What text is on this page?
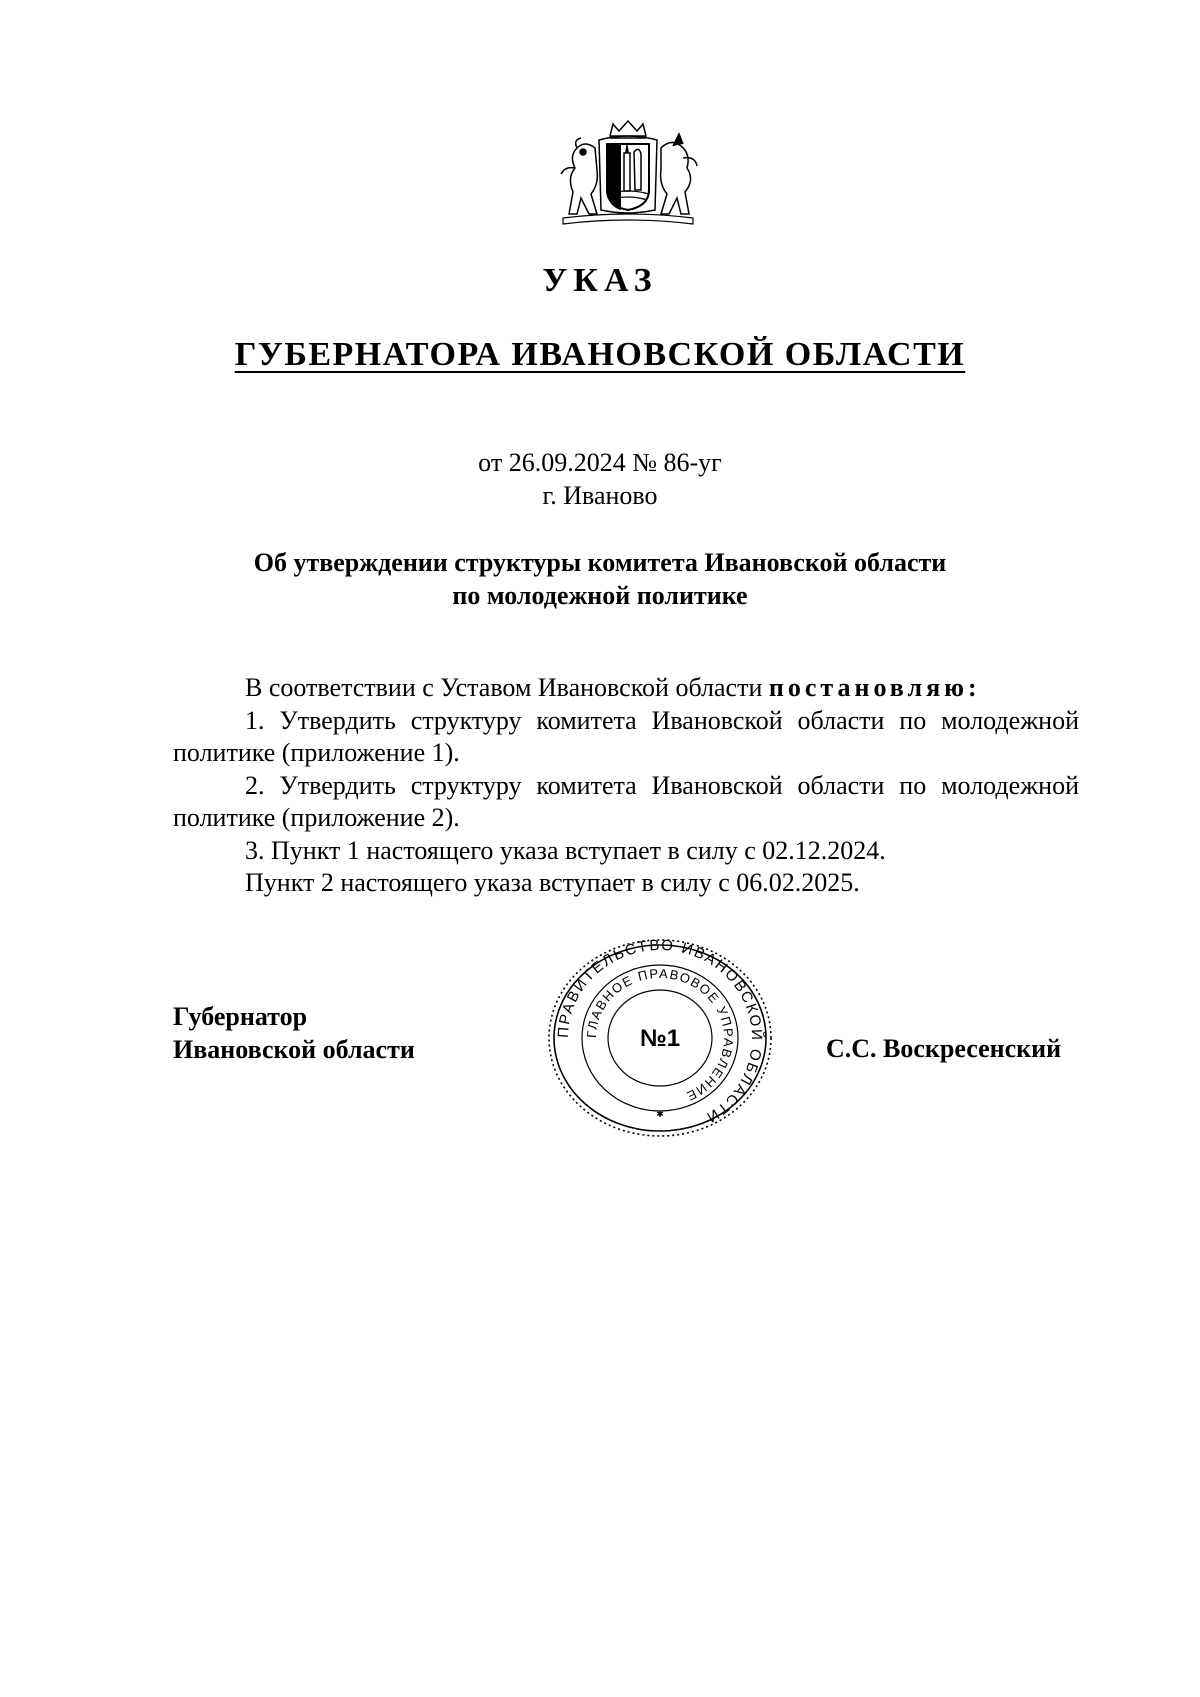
УКАЗ
ГУБЕРНАТОРА ИВАНОВСКОЙ ОБЛАСТИ
от 26.09.2024 № 86-уг
г. Иваново
Об утверждении структуры комитета Ивановской области
по молодежной политике

В соответствии с Уставом Ивановской области постановляю:

1. Утвердить структуру комитета Ивановской области по молодежной политике (приложение 1).

2. Утвердить структуру комитета Ивановской области по молодежной политике (приложение 2).

3. Пункт 1 настоящего указа вступает в силу с 02.12.2024.

Пункт 2 настоящего указа вступает в силу с 06.02.2025.

Губернатор
Ивановской области	С.С. Воскресенский
ПРАВИТЕЛЬСТВО ИВАНОВСКОЙ ОБЛАСТИ
ГЛАВНОЕ ПРАВОВОЕ УПРАВЛЕНИЕ
№1
✱
